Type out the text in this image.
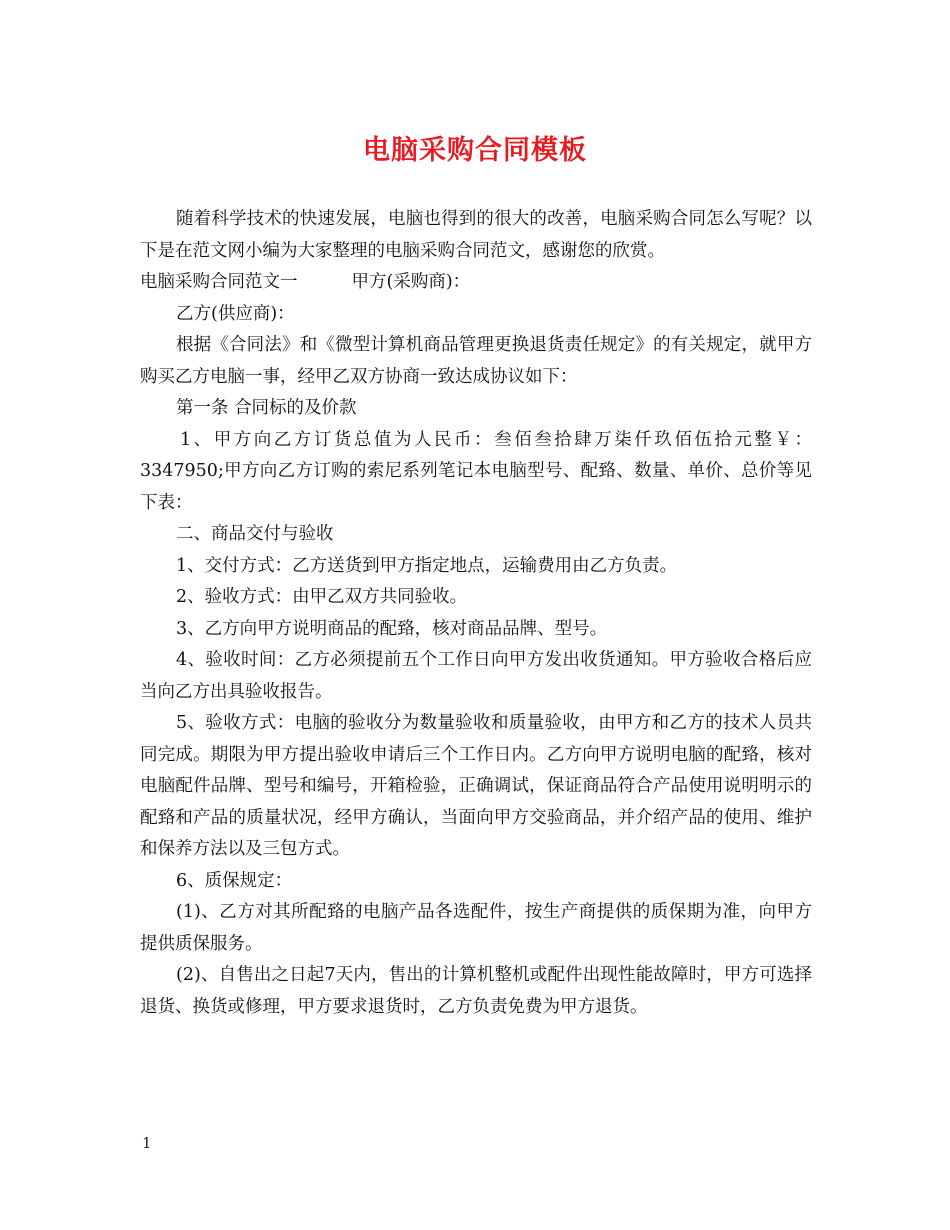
电脑采购合同模板

随着科学技术的快速发展，电脑也得到的很大的改善，电脑采购合同怎么写呢？以下是在范文网小编为大家整理的电脑采购合同范文，感谢您的欣赏。

电脑采购合同范文一	甲方(采购商)：

乙方(供应商)：

根据《合同法》和《微型计算机商品管理更换退货责任规定》的有关规定，就甲方购买乙方电脑一事，经甲乙双方协商一致达成协议如下：

第一条 合同标的及价款

1、甲方向乙方订货总值为人民币：叁佰叁拾肆万柒仟玖佰伍拾元整￥：3347950;甲方向乙方订购的索尼系列笔记本电脑型号、配臵、数量、单价、总价等见下表：

二、商品交付与验收

1、交付方式：乙方送货到甲方指定地点，运输费用由乙方负责。

2、验收方式：由甲乙双方共同验收。

3、乙方向甲方说明商品的配臵，核对商品品牌、型号。

4、验收时间：乙方必须提前五个工作日向甲方发出收货通知。甲方验收合格后应当向乙方出具验收报告。

5、验收方式：电脑的验收分为数量验收和质量验收，由甲方和乙方的技术人员共同完成。期限为甲方提出验收申请后三个工作日内。乙方向甲方说明电脑的配臵，核对电脑配件品牌、型号和编号，开箱检验，正确调试，保证商品符合产品使用说明明示的配臵和产品的质量状况，经甲方确认，当面向甲方交验商品，并介绍产品的使用、维护和保养方法以及三包方式。

6、质保规定：

(1)、乙方对其所配臵的电脑产品各选配件，按生产商提供的质保期为准，向甲方提供质保服务。

(2)、自售出之日起7天内，售出的计算机整机或配件出现性能故障时，甲方可选择退货、换货或修理，甲方要求退货时，乙方负责免费为甲方退货。

1
